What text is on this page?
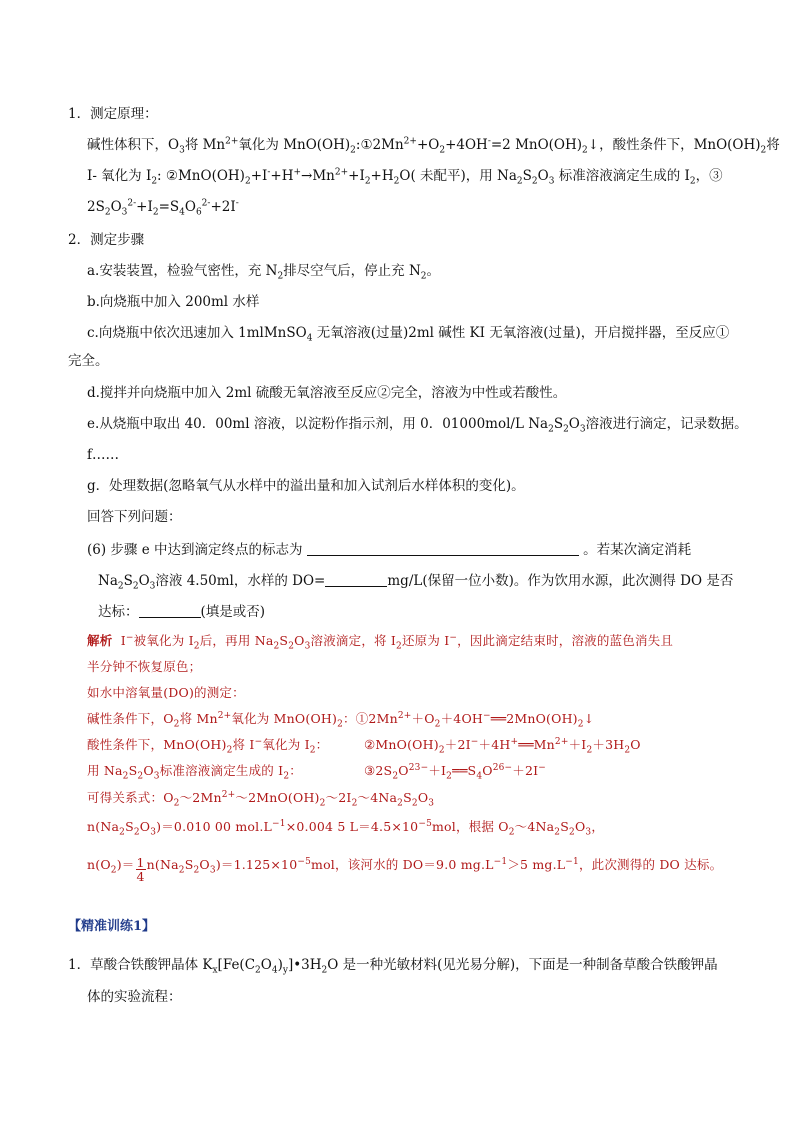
1．测定原理：
碱性体积下，$O_3$将 $Mn^{2+}$氧化为 $MnO(OH)_2:①2Mn^{2+}+O_2+4OH^-=2$ $MnO(OH)_2↓$，酸性条件下，$MnO(OH)_2$将
I- 氧化为 $I_2$: $②MnO(OH)_2+I^-+H^+\to Mn^{2+}+I_2+H_2O$( 未配平)，用 $Na_2S_2O_3$ 标准溶液滴定生成的 $I_2$，③
$2S_2O_3^{2-}+I_2=S_4O_6^{2-}+2I^-$
2．测定步骤
a.安装装置，检验气密性，充 $N_2$排尽空气后，停止充 $N_2$。
b.向烧瓶中加入 200ml 水样
c.向烧瓶中依次迅速加入 1mlMnSO$_4$ 无氧溶液(过量)2ml 碱性 KI 无氧溶液(过量)，开启搅拌器，至反应①
完全。
d.搅拌并向烧瓶中加入 2ml 硫酸无氧溶液至反应②完全，溶液为中性或若酸性。
e.从烧瓶中取出 40．00ml 溶液，以淀粉作指示剂，用 0．01000mol/L $Na_2S_2O_3$溶液进行滴定，记录数据。
f……
g．处理数据(忽略氧气从水样中的溢出量和加入试剂后水样体积的变化)。
回答下列问题：
(6) 步骤 e 中达到滴定终点的标志为	。若某次滴定消耗
$Na_2S_2O_3$溶液 4.50ml，水样的 DO=	mg/L(保留一位小数)。作为饮用水源，此次测得 DO 是否
达标：	(填是或否)
解析 I−被氧化为 $I_2$后，再用 $Na_2S_2O_3$溶液滴定，将 $I_2$还原为 I−，因此滴定结束时，溶液的蓝色消失且
半分钟不恢复原色；
如水中溶氧量(DO)的测定：
碱性条件下，$O_2$将 $Mn^{2+}$氧化为 $MnO(OH)_2$：$①2Mn^{2+}+O_2+4OH^-══2MnO(OH)_2↓$
酸性条件下，$MnO(OH)_2$将 I−氧化为 $I_2$：	$②MnO(OH)_2+2I^-+4H^+══Mn^{2+}+I_2+3H_2O$
用 $Na_2S_2O_3$标准溶液滴定生成的 $I_2$：	$③2S_2O^{23-}+I_2══S_4O^{26-}+2I^-$
可得关系式：$O_2\sim 2Mn^{2+}\sim 2MnO(OH)_2\sim 2I_2\sim 4Na_2S_2O_3$
$n(Na_2S_2O_3)=0.010$ 00 $mol.L^{-1}\times 0.004$ 5 $L=4.5\times 10^{-5}mol$，根据 $O_2\sim 4Na_2S_2O_3$，
$n(O_2)= \frac{1}{4} n(Na_2S_2O_3)=1.125\times 10^{-5}mol$，该河水的 DO＝9.0 $mg.L^{-1}>5$ $mg.L^{-1}$，此次测得的 DO 达标。
【精准训练1】
1．草酸合铁酸钾晶体 $K_x[Fe(C_2O_4)_y]•3H_2O$ 是一种光敏材料(见光易分解)，下面是一种制备草酸合铁酸钾晶
体的实验流程：
